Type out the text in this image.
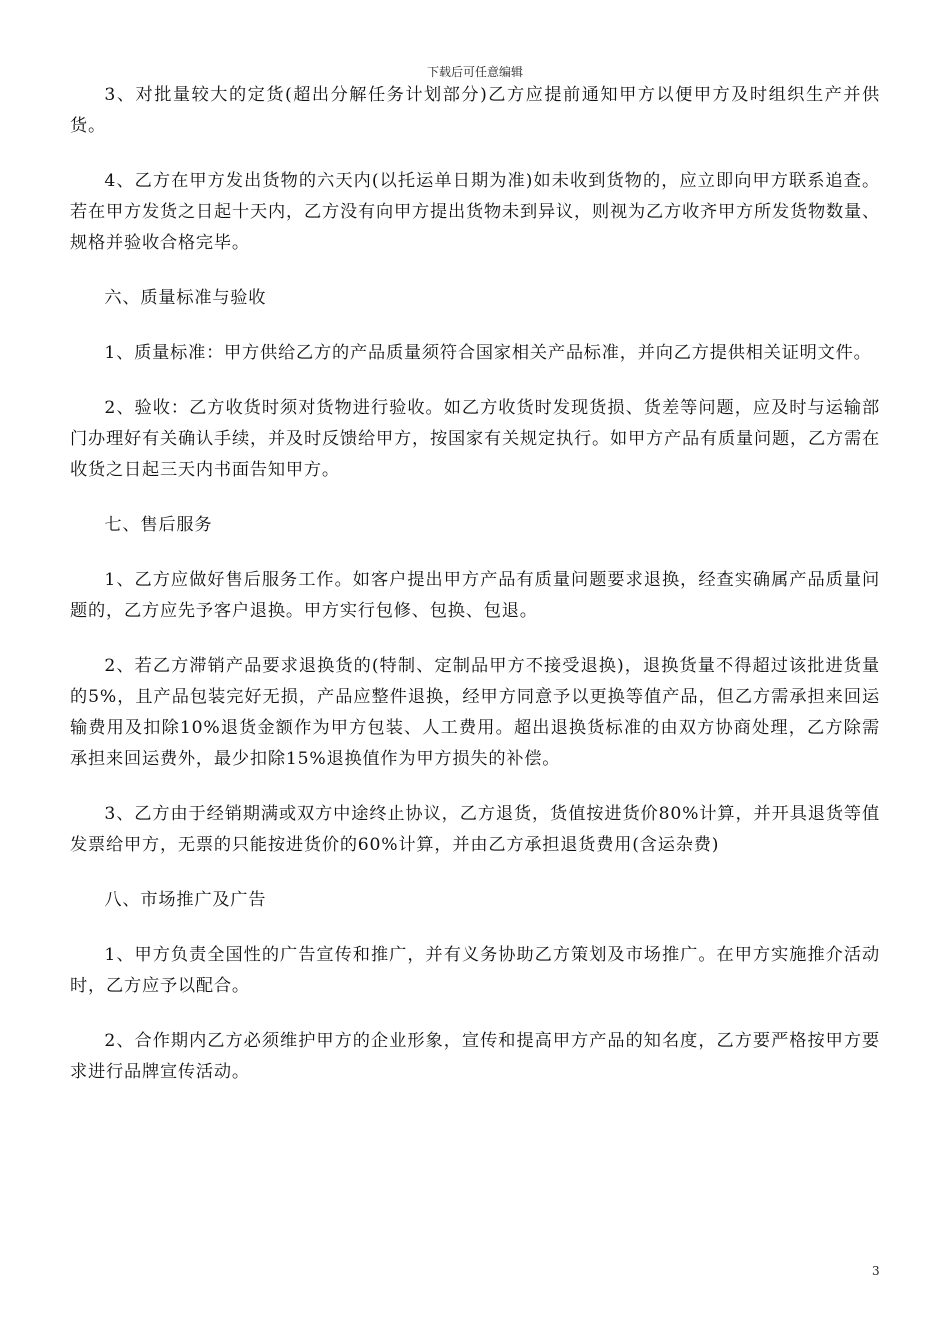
下载后可任意编辑

3、对批量较大的定货(超出分解任务计划部分)乙方应提前通知甲方以便甲方及时组织生产并供货。

4、乙方在甲方发出货物的六天内(以托运单日期为准)如未收到货物的，应立即向甲方联系追查。若在甲方发货之日起十天内，乙方没有向甲方提出货物未到异议，则视为乙方收齐甲方所发货物数量、规格并验收合格完毕。

六、质量标准与验收

1、质量标准：甲方供给乙方的产品质量须符合国家相关产品标准，并向乙方提供相关证明文件。

2、验收：乙方收货时须对货物进行验收。如乙方收货时发现货损、货差等问题，应及时与运输部门办理好有关确认手续，并及时反馈给甲方，按国家有关规定执行。如甲方产品有质量问题，乙方需在收货之日起三天内书面告知甲方。

七、售后服务

1、乙方应做好售后服务工作。如客户提出甲方产品有质量问题要求退换，经查实确属产品质量问题的，乙方应先予客户退换。甲方实行包修、包换、包退。

2、若乙方滞销产品要求退换货的(特制、定制品甲方不接受退换)，退换货量不得超过该批进货量的5%，且产品包装完好无损，产品应整件退换，经甲方同意予以更换等值产品，但乙方需承担来回运输费用及扣除10%退货金额作为甲方包装、人工费用。超出退换货标准的由双方协商处理，乙方除需承担来回运费外，最少扣除15%退换值作为甲方损失的补偿。

3、乙方由于经销期满或双方中途终止协议，乙方退货，货值按进货价80%计算，并开具退货等值发票给甲方，无票的只能按进货价的60%计算，并由乙方承担退货费用(含运杂费)

八、市场推广及广告

1、甲方负责全国性的广告宣传和推广，并有义务协助乙方策划及市场推广。在甲方实施推介活动时，乙方应予以配合。

2、合作期内乙方必须维护甲方的企业形象，宣传和提高甲方产品的知名度，乙方要严格按甲方要求进行品牌宣传活动。

3
